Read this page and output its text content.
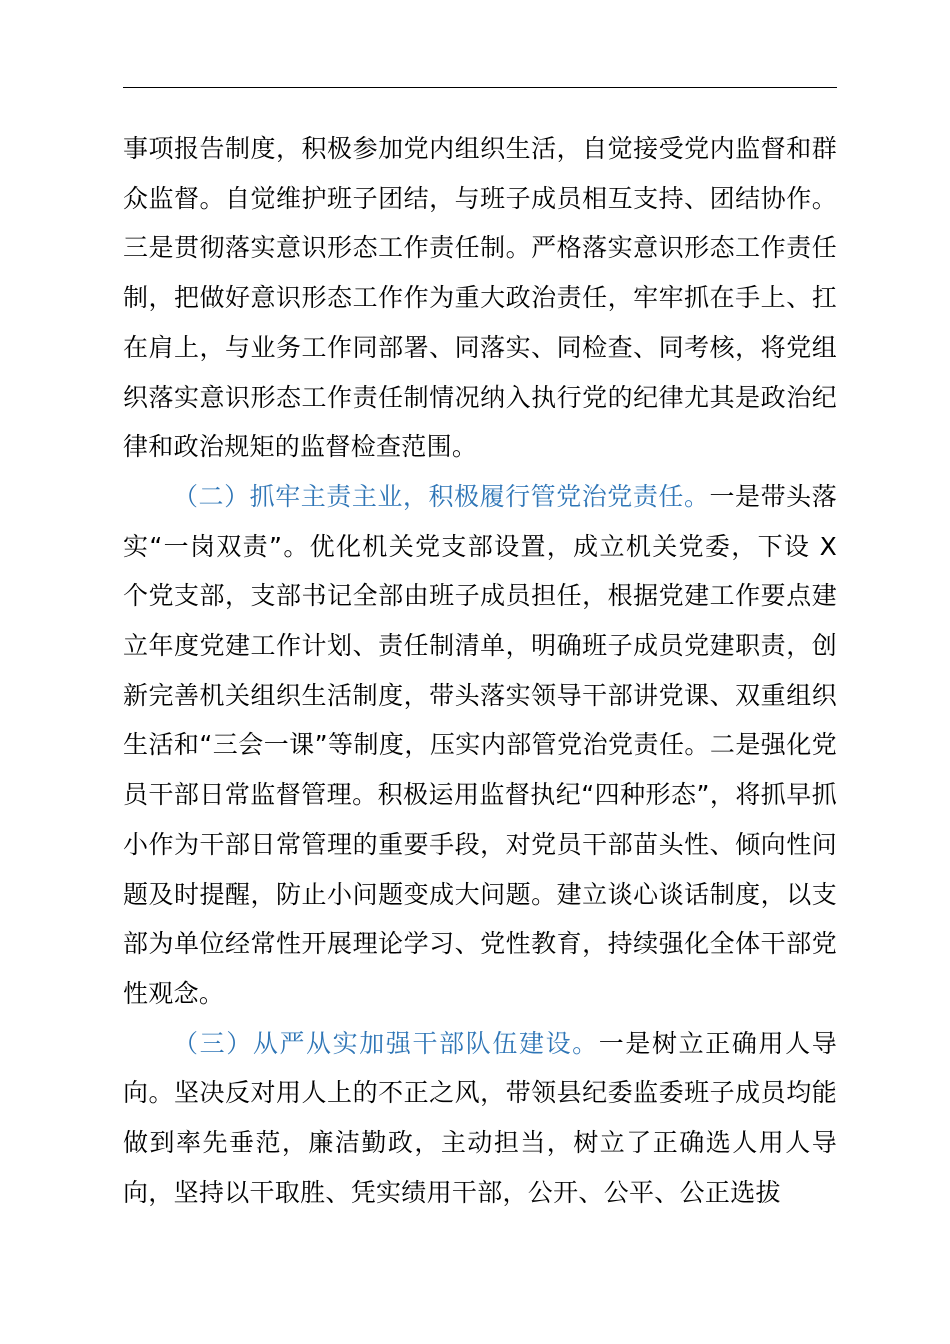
事项报告制度，积极参加党内组织生活，自觉接受党内监督和群众监督。自觉维护班子团结，与班子成员相互支持、团结协作。三是贯彻落实意识形态工作责任制。严格落实意识形态工作责任制，把做好意识形态工作作为重大政治责任，牢牢抓在手上、扛在肩上，与业务工作同部署、同落实、同检查、同考核，将党组织落实意识形态工作责任制情况纳入执行党的纪律尤其是政治纪律和政治规矩的监督检查范围。

（二）抓牢主责主业，积极履行管党治党责任。一是带头落实“一岗双责”。优化机关党支部设置，成立机关党委，下设 X 个党支部，支部书记全部由班子成员担任，根据党建工作要点建立年度党建工作计划、责任制清单，明确班子成员党建职责，创新完善机关组织生活制度，带头落实领导干部讲党课、双重组织生活和“三会一课”等制度，压实内部管党治党责任。二是强化党员干部日常监督管理。积极运用监督执纪“四种形态”，将抓早抓小作为干部日常管理的重要手段，对党员干部苗头性、倾向性问题及时提醒，防止小问题变成大问题。建立谈心谈话制度，以支部为单位经常性开展理论学习、党性教育，持续强化全体干部党性观念。

（三）从严从实加强干部队伍建设。一是树立正确用人导向。坚决反对用人上的不正之风，带领县纪委监委班子成员均能做到率先垂范，廉洁勤政，主动担当，树立了正确选人用人导向，坚持以干取胜、凭实绩用干部，公开、公平、公正选拔
